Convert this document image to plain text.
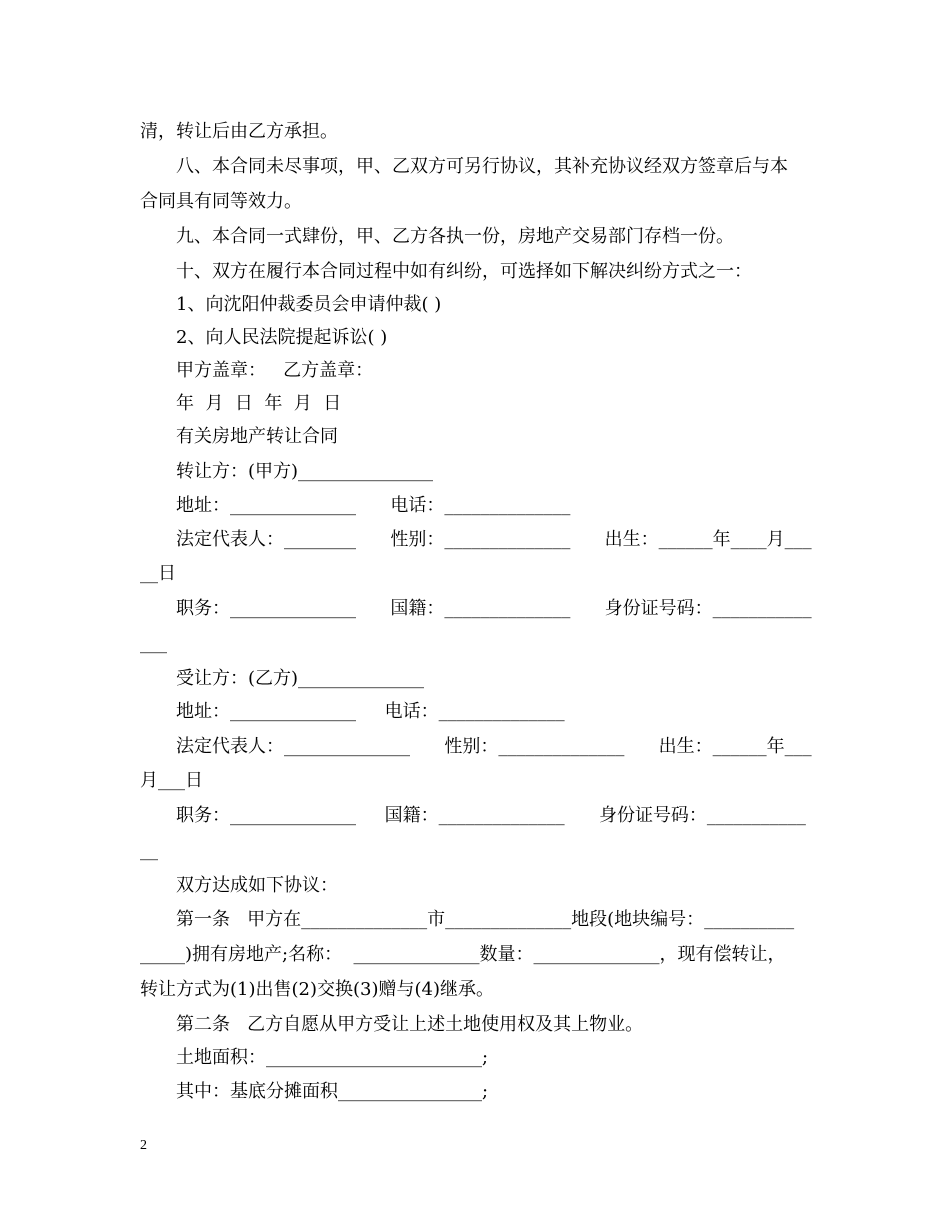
清，转让后由乙方承担。
八、本合同未尽事项，甲、乙双方可另行协议，其补充协议经双方签章后与本
合同具有同等效力。
九、本合同一式肆份，甲、乙方各执一份，房地产交易部门存档一份。
十、双方在履行本合同过程中如有纠纷，可选择如下解决纠纷方式之一：
1、向沈阳仲裁委员会申请仲裁( )
2、向人民法院提起诉讼( )
甲方盖章：   乙方盖章：
年  月  日  年  月  日
有关房地产转让合同
转让方：(甲方)_______________
地址：______________      电话：______________
法定代表人：________      性别：______________      出生：______年____月___
__日
职务：______________      国籍：______________      身份证号码：___________
___
受让方：(乙方)______________
地址：______________     电话：______________
法定代表人：______________      性别：______________      出生：______年___
月___日
职务：______________     国籍：______________      身份证号码：___________
__
双方达成如下协议：
第一条   甲方在______________市______________地段(地块编号：__________
_____)拥有房地产;名称：  ______________数量：______________，现有偿转让，
转让方式为(1)出售(2)交换(3)赠与(4)继承。
第二条   乙方自愿从甲方受让上述土地使用权及其上物业。
土地面积：________________________;
其中：基底分摊面积________________;
2
